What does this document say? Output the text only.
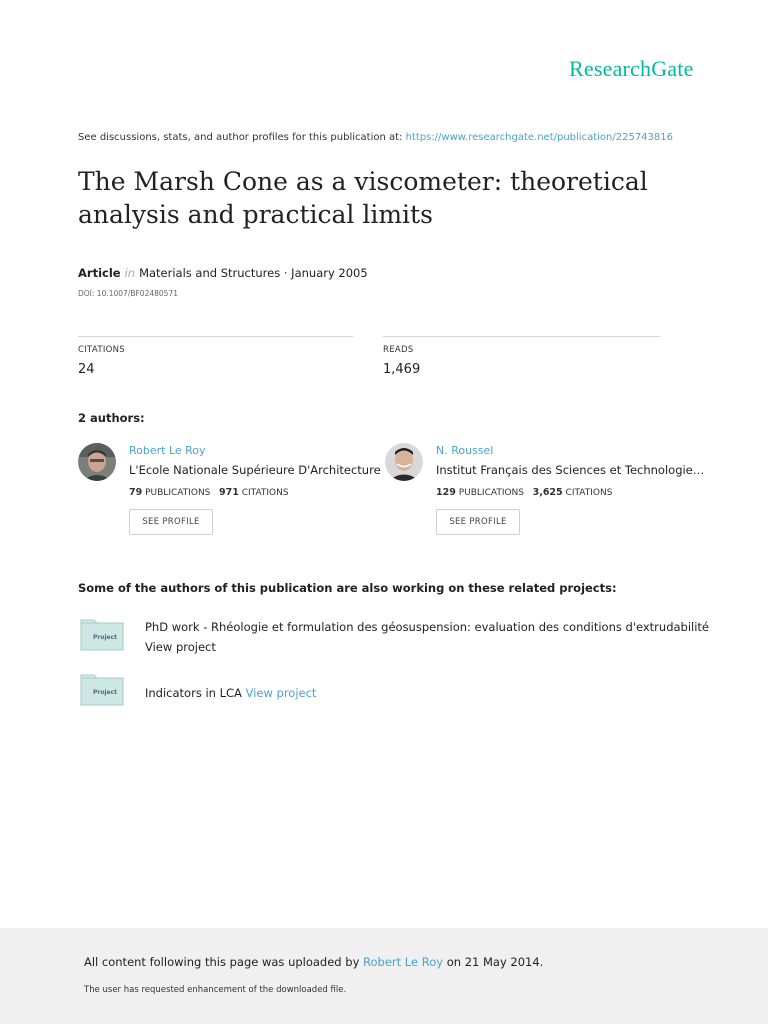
ResearchGate
See discussions, stats, and author profiles for this publication at: https://www.researchgate.net/publication/225743816
The Marsh Cone as a viscometer: theoretical analysis and practical limits
Article in Materials and Structures · January 2005
DOI: 10.1007/BF02480571
CITATIONS
24
READS
1,469
2 authors:
Robert Le Roy
L'Ecole Nationale Supérieure D'Architecture
79 PUBLICATIONS 971 CITATIONS
SEE PROFILE
N. Roussel
Institut Français des Sciences et Technologie…
129 PUBLICATIONS 3,625 CITATIONS
SEE PROFILE
Some of the authors of this publication are also working on these related projects:
Project
PhD work - Rhéologie et formulation des géosuspension: evaluation des conditions d'extrudabilité
View project
Project Indicators in LCA View project
All content following this page was uploaded by Robert Le Roy on 21 May 2014.
The user has requested enhancement of the downloaded file.
